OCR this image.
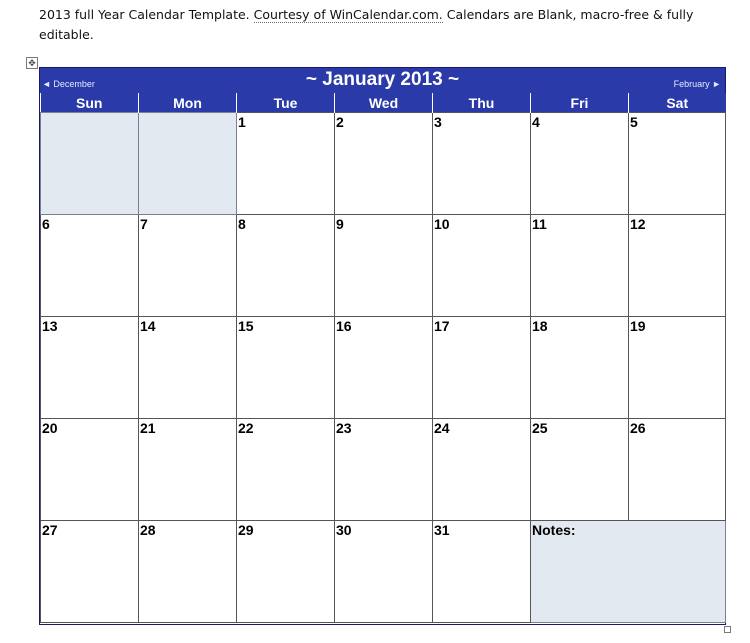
2013 full Year Calendar Template. Courtesy of WinCalendar.com. Calendars are Blank, macro-free & fully editable.
✥
◄ December	~ January 2013 ~	February ►
Sun	Mon	Tue	Wed	Thu	Fri	Sat

		1	2	3	4	5

6	7	8	9	10	11	12

13	14	15	16	17	18	19

20	21	22	23	24	25	26

27	28	29	30	31	Notes:	
